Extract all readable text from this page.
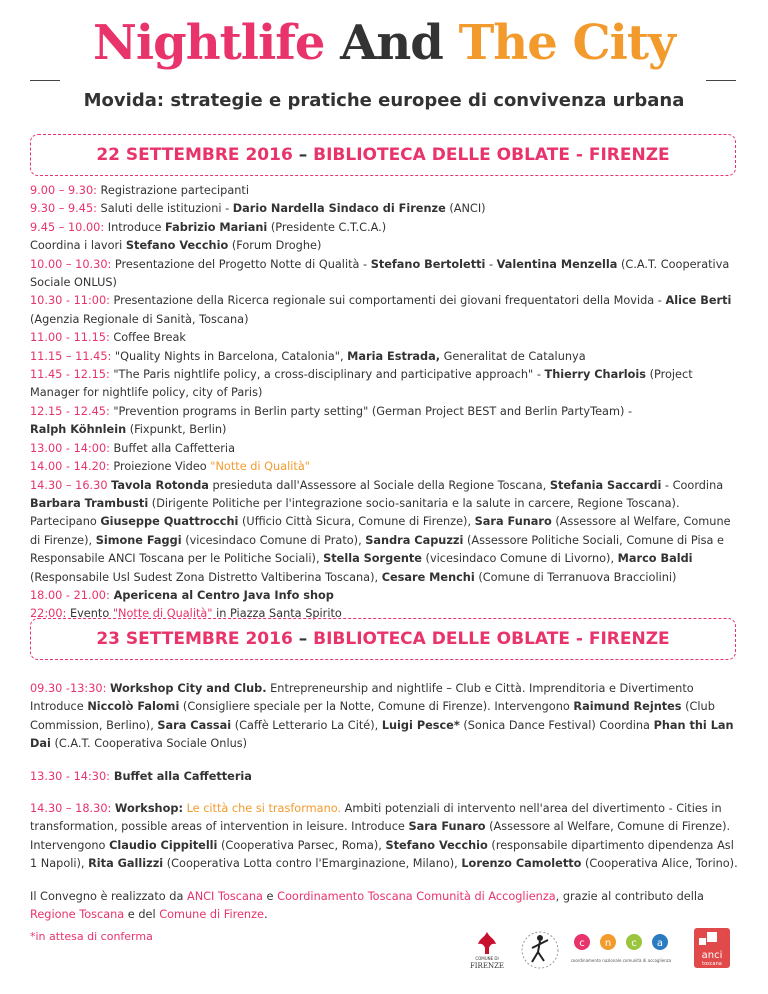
Nightlife And The City
Movida: strategie e pratiche europee di convivenza urbana
22 SETTEMBRE 2016 – BIBLIOTECA DELLE OBLATE - FIRENZE

9.00 – 9.30: Registrazione partecipanti

9.30 – 9.45: Saluti delle istituzioni - Dario Nardella Sindaco di Firenze (ANCI)

9.45 – 10.00: Introduce Fabrizio Mariani (Presidente C.T.C.A.)

Coordina i lavori Stefano Vecchio (Forum Droghe)

10.00 – 10.30: Presentazione del Progetto Notte di Qualità - Stefano Bertoletti - Valentina Menzella (C.A.T. Cooperativa Sociale ONLUS)

10.30 - 11:00: Presentazione della Ricerca regionale sui comportamenti dei giovani frequentatori della Movida - Alice Berti (Agenzia Regionale di Sanità, Toscana)

11.00 - 11.15: Coffee Break

11.15 – 11.45: "Quality Nights in Barcelona, Catalonia", Maria Estrada, Generalitat de Catalunya

11.45 - 12.15: "The Paris nightlife policy, a cross-disciplinary and participative approach" - Thierry Charlois (Project Manager for nightlife policy, city of Paris)

12.15 - 12.45: "Prevention programs in Berlin party setting" (German Project BEST and Berlin PartyTeam) -

Ralph Köhnlein (Fixpunkt, Berlin)

13.00 - 14:00: Buffet alla Caffetteria

14.00 - 14.20: Proiezione Video "Notte di Qualità"

14.30 – 16.30 Tavola Rotonda presieduta dall'Assessore al Sociale della Regione Toscana, Stefania Saccardi - Coordina Barbara Trambusti (Dirigente Politiche per l'integrazione socio-sanitaria e la salute in carcere, Regione Toscana). Partecipano Giuseppe Quattrocchi (Ufficio Città Sicura, Comune di Firenze), Sara Funaro (Assessore al Welfare, Comune di Firenze), Simone Faggi (vicesindaco Comune di Prato), Sandra Capuzzi (Assessore Politiche Sociali, Comune di Pisa e Responsabile ANCI Toscana per le Politiche Sociali), Stella Sorgente (vicesindaco Comune di Livorno), Marco Baldi (Responsabile Usl Sudest Zona Distretto Valtiberina Toscana), Cesare Menchi (Comune di Terranuova Bracciolini)

18.00 - 21.00: Apericena al Centro Java Info shop

22:00: Evento "Notte di Qualità" in Piazza Santa Spirito

23 SETTEMBRE 2016 – BIBLIOTECA DELLE OBLATE - FIRENZE

09.30 -13:30: Workshop City and Club. Entrepreneurship and nightlife – Club e Città. Imprenditoria e Divertimento Introduce Niccolò Falomi (Consigliere speciale per la Notte, Comune di Firenze). Intervengono Raimund Rejntes (Club Commission, Berlino), Sara Cassai (Caffè Letterario La Cité), Luigi Pesce* (Sonica Dance Festival) Coordina Phan thi Lan Dai (C.A.T. Cooperativa Sociale Onlus)

13.30 - 14:30: Buffet alla Caffetteria

14.30 – 18.30: Workshop: Le città che si trasformano. Ambiti potenziali di intervento nell'area del divertimento - Cities in transformation, possible areas of intervention in leisure. Introduce Sara Funaro (Assessore al Welfare, Comune di Firenze). Intervengono Claudio Cippitelli (Cooperativa Parsec, Roma), Stefano Vecchio (responsabile dipartimento dipendenza Asl 1 Napoli), Rita Gallizzi (Cooperativa Lotta contro l'Emarginazione, Milano), Lorenzo Camoletto (Cooperativa Alice, Torino).

Il Convegno è realizzato da ANCI Toscana e Coordinamento Toscana Comunità di Accoglienza, grazie al contributo della Regione Toscana e del Comune di Firenze.

*in attesa di conferma
COMUNE DI
FIRENZE
c n c a
coordinamento nazionale comunità di accoglienza	anci
toscana
